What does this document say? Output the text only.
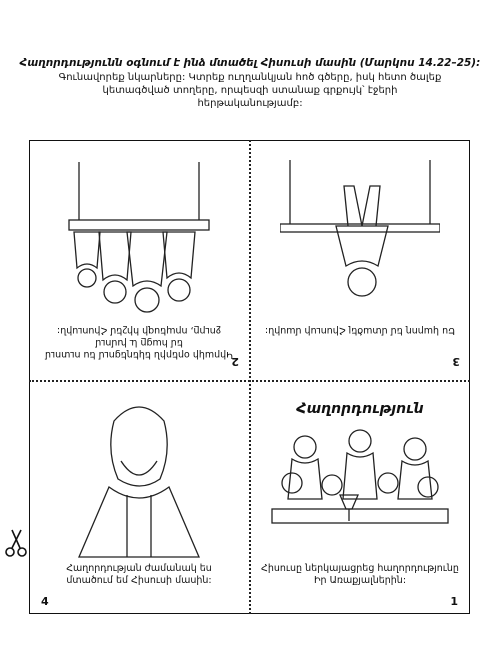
Հաղորդությունն օգնում է ինձ մտածել Հիսուսի մասին (Մարկոս 14.22–25):
Գունավորեք նկարները: Կտրեք ուղղանկյան հոծ գծերը, իսկ հետո ծալեք
կետագծված տողերը, որպեսզի ստանաք գրքույկ՝ էջերի հերթականությամբ:
2
Կիրակի օրերին եկեղեցում ես ուտում եմ հացը և խմում
ջուրը, որպեսզի հիշեմ Հիսուսին:
3
Ես կարող եմ մտածել Հիսուսի մասին:
Հաղորդության ժամանակ ես
մտածում եմ Հիսուսի մասին:
4
Հաղորդություն
Հիսուսը ներկայացրեց հաղորդությունը
Իր Առաքյալներին:
1
